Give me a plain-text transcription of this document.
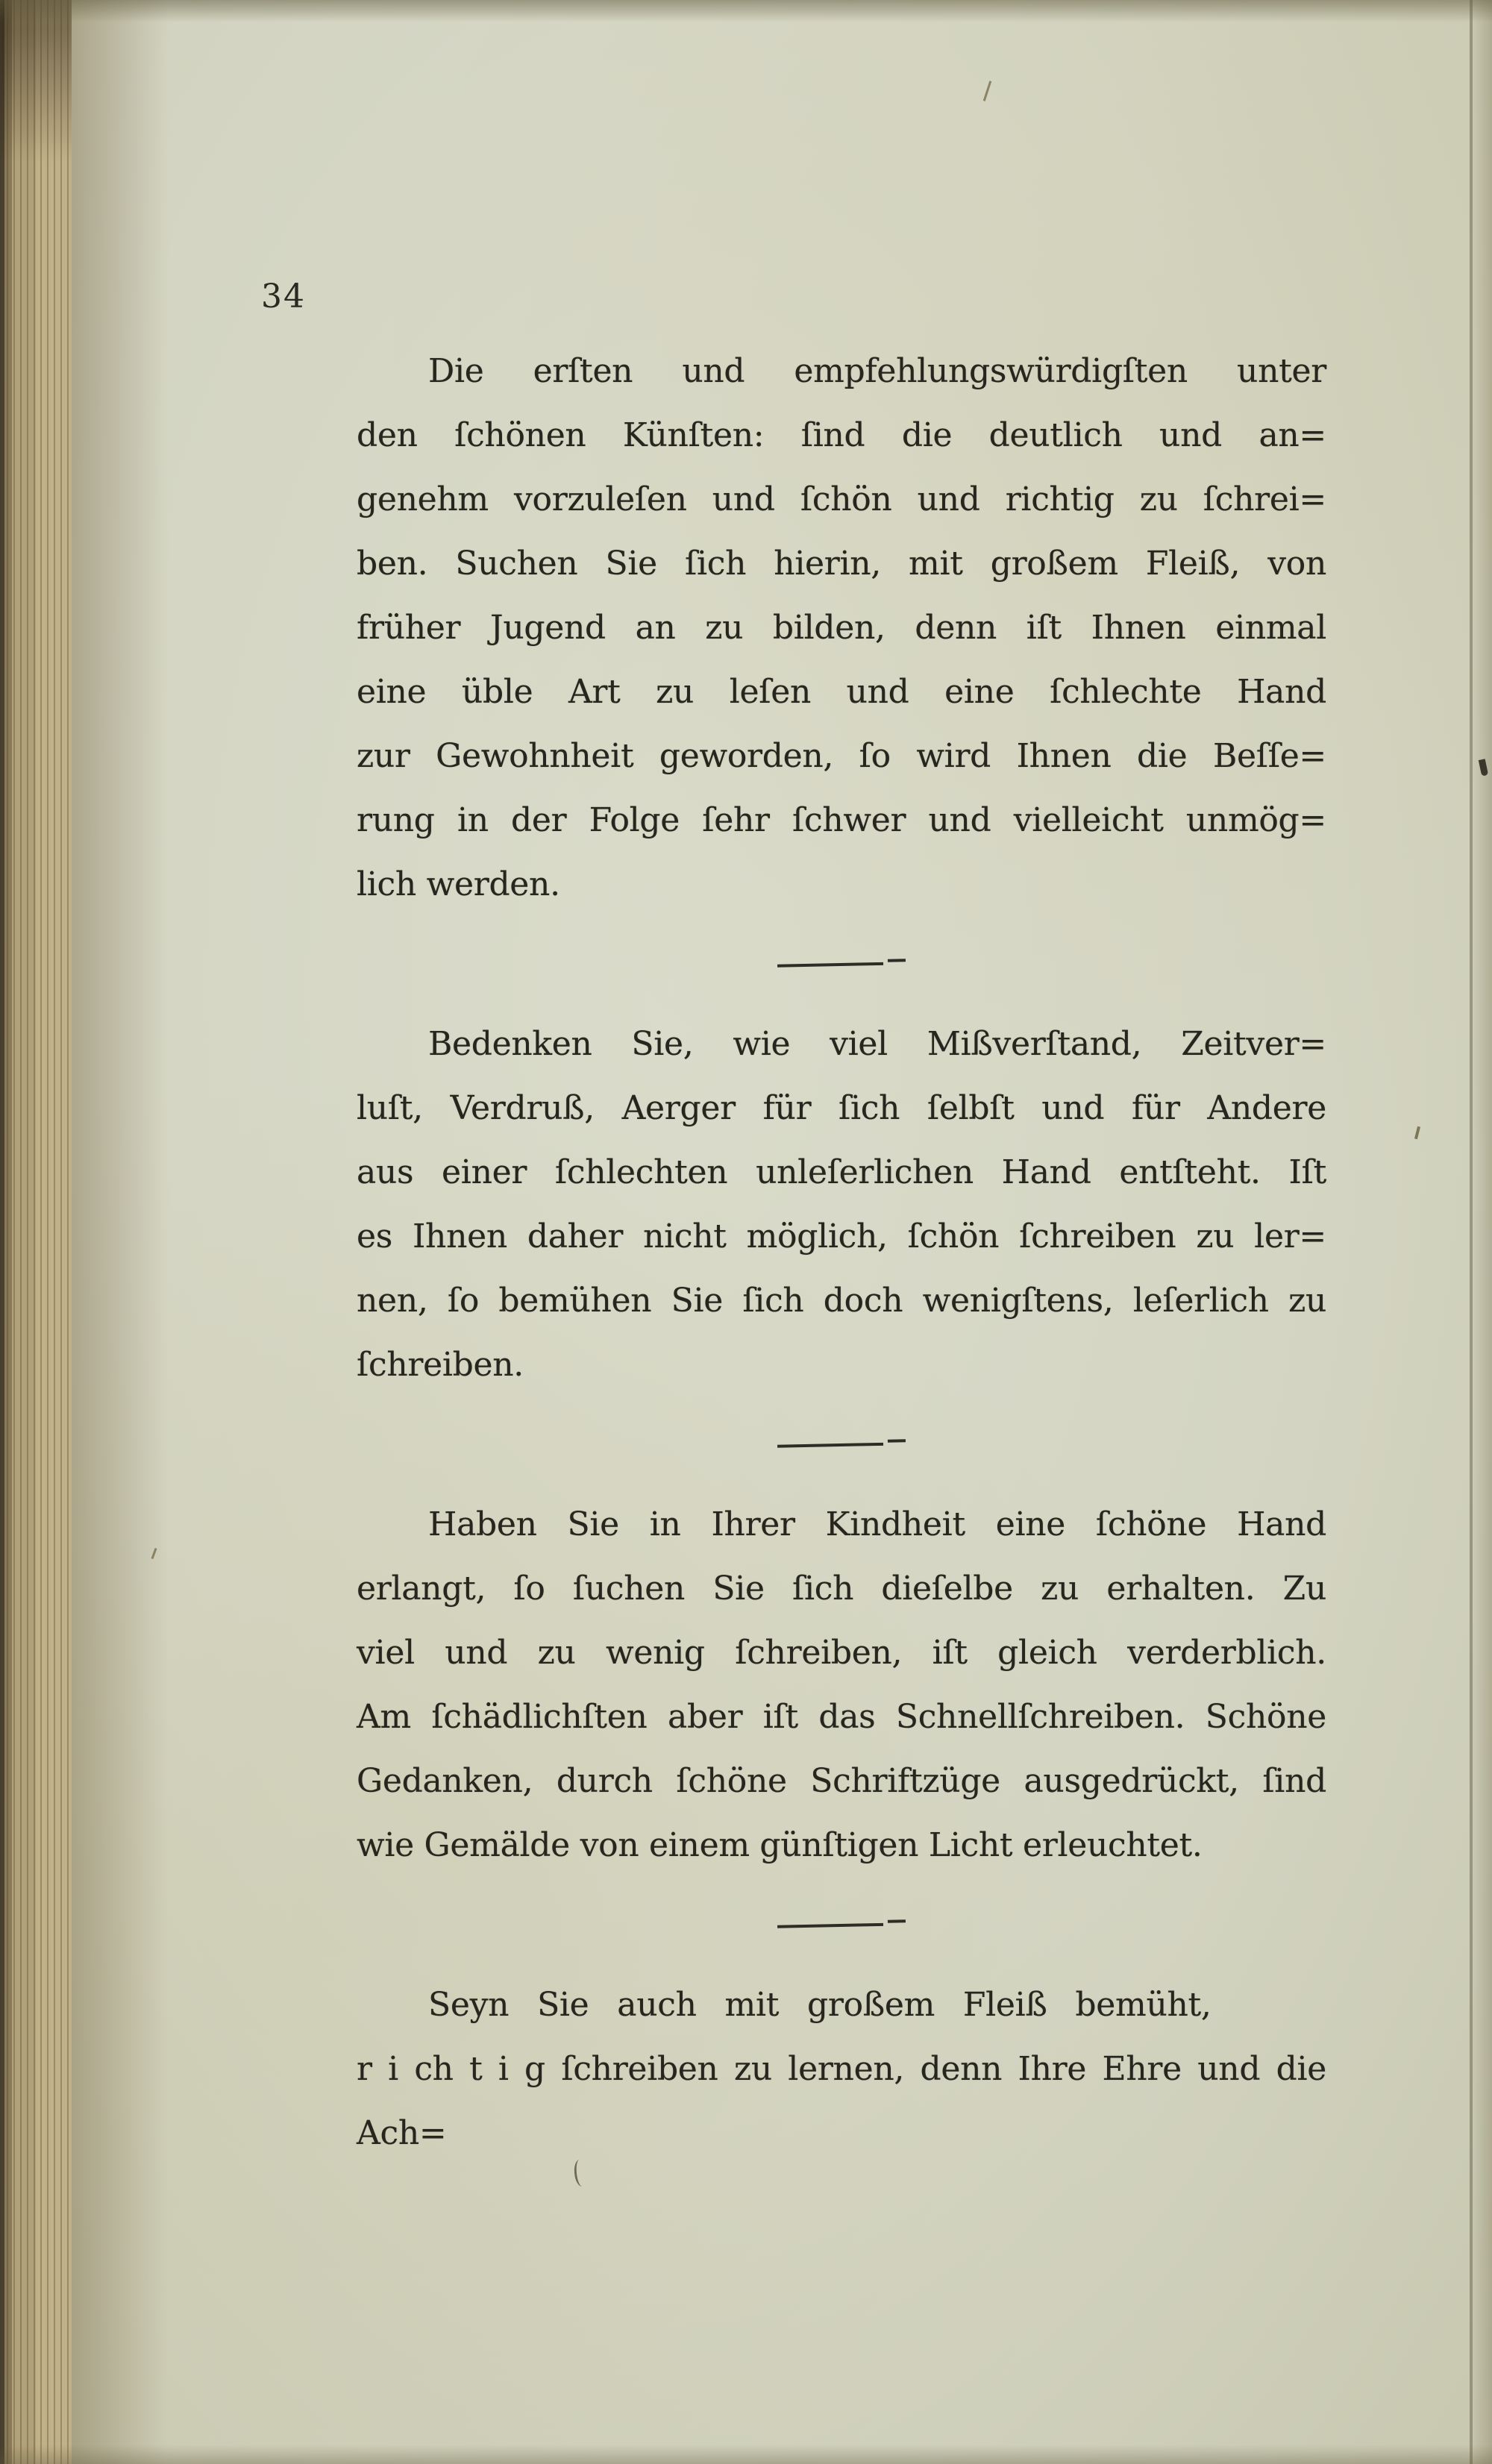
34
Die erſten und empfehlungswürdigſten unter
den ſchönen Künſten: ſind die deutlich und an=
genehm vorzuleſen und ſchön und richtig zu ſchrei=
ben. Suchen Sie ſich hierin, mit großem Fleiß, von
früher Jugend an zu bilden, denn iſt Ihnen einmal
eine üble Art zu leſen und eine ſchlechte Hand
zur Gewohnheit geworden, ſo wird Ihnen die Beſſe=
rung in der Folge ſehr ſchwer und vielleicht unmög=
lich werden.
Bedenken Sie, wie viel Mißverſtand, Zeitver=
luſt, Verdruß, Aerger für ſich ſelbſt und für Andere
aus einer ſchlechten unleſerlichen Hand entſteht. Iſt
es Ihnen daher nicht möglich, ſchön ſchreiben zu ler=
nen, ſo bemühen Sie ſich doch wenigſtens, leſerlich zu
ſchreiben.
Haben Sie in Ihrer Kindheit eine ſchöne Hand
erlangt, ſo ſuchen Sie ſich dieſelbe zu erhalten. Zu
viel und zu wenig ſchreiben, iſt gleich verderblich.
Am ſchädlichſten aber iſt das Schnellſchreiben. Schöne
Gedanken, durch ſchöne Schriftzüge ausgedrückt, ſind
wie Gemälde von einem günſtigen Licht erleuchtet.
Seyn Sie auch mit großem Fleiß bemüht,
r i ch t i g ſchreiben zu lernen, denn Ihre Ehre und die Ach=
